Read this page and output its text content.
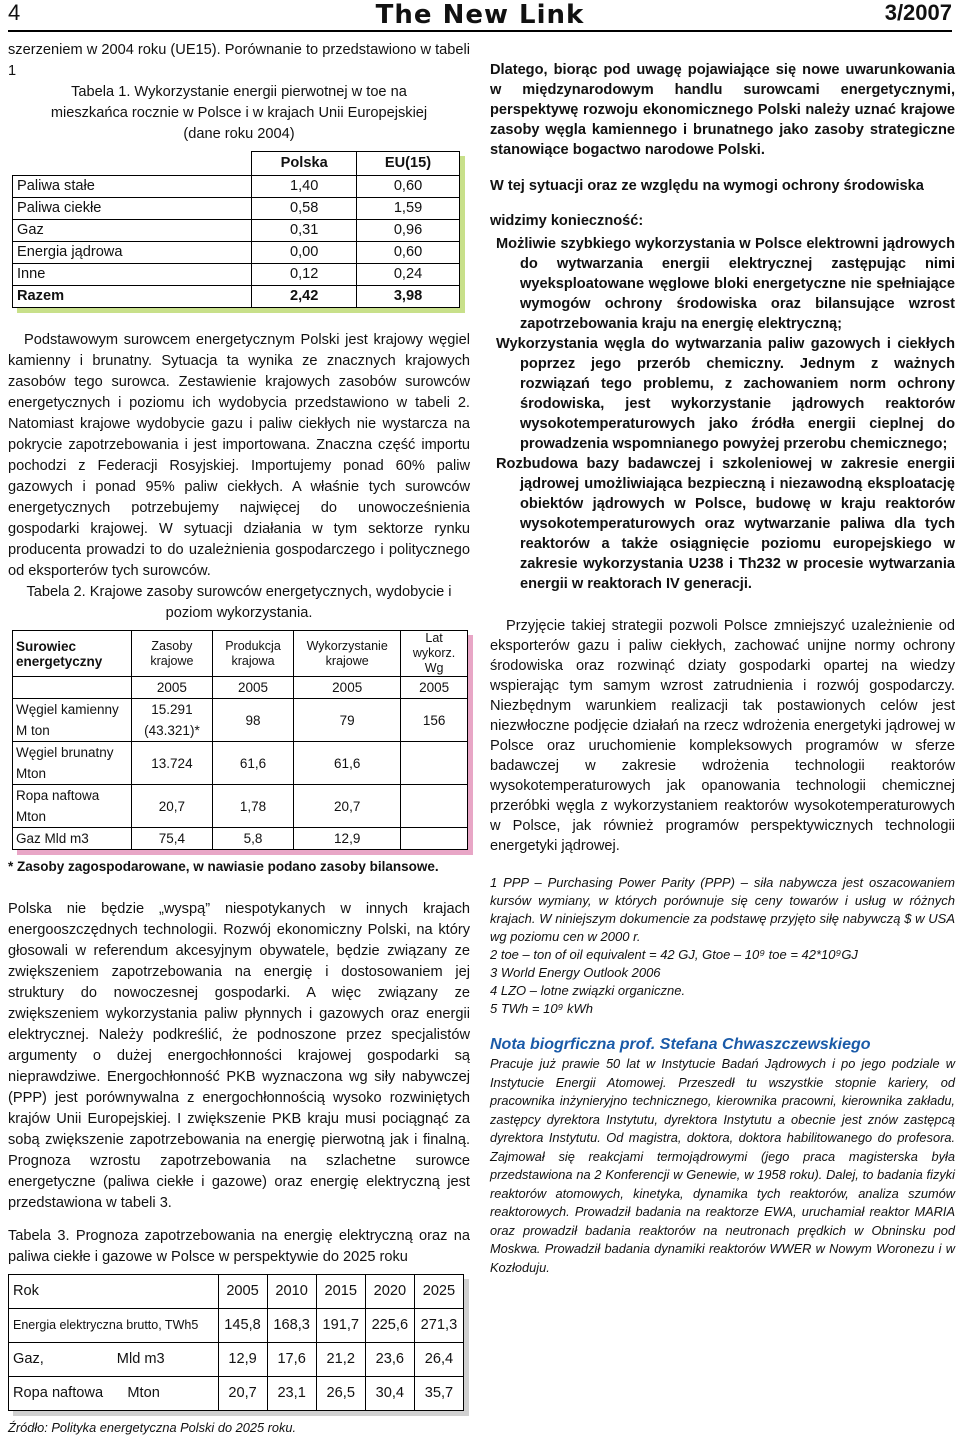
4	The New Link	3/2007

szerzeniem w 2004 roku (UE15). Porównanie to przedstawiono w tabeli 1

Tabela 1. Wykorzystanie energii pierwotnej w toe na mieszkańca rocznie w Polsce i w krajach Unii Europejskiej (dane roku 2004)

	Polska	EU(15)
Paliwa stałe	1,40	0,60
Paliwa ciekłe	0,58	1,59
Gaz	0,31	0,96
Energia jądrowa	0,00	0,60
Inne	0,12	0,24
Razem	2,42	3,98

Podstawowym surowcem energetycznym Polski jest krajowy węgiel kamienny i brunatny. Sytuacja ta wynika ze znacznych krajowych zasobów tego surowca. Zestawienie krajowych zasobów surowców energetycznych i poziomu ich wydobycia przedstawiono w tabeli 2. Natomiast krajowe wydobycie gazu i paliw ciekłych nie wystarcza na pokrycie zapotrzebowania i jest importowana. Znaczna część importu pochodzi z Federacji Rosyjskiej. Importujemy ponad 60% paliw gazowych i ponad 95% paliw ciekłych. A właśnie tych surowców energetycznych potrzebujemy najwięcej do unowocześnienia gospodarki krajowej. W sytuacji działania w tym sektorze rynku producenta prowadzi to do uzależnienia gospodarczego i politycznego od eksporterów tych surowców.

Tabela 2. Krajowe zasoby surowców energetycznych, wydobycie i poziom wykorzystania.

Surowiec energetyczny	Zasoby krajowe	Produkcja krajowa	Wykorzystanie krajowe	Lat wykorz. Wg
	2005	2005	2005	2005
Węgiel kamienny M ton	15.291 (43.321)*	98	79	156
Węgiel brunatny Mton	13.724	61,6	61,6	
Ropa naftowa Mton	20,7	1,78	20,7	
Gaz Mld m3	75,4	5,8	12,9	

* Zasoby zagospodarowane, w nawiasie podano zasoby bilansowe.

Polska nie będzie „wyspą” niespotykanych w innych krajach energooszczędnych technologii. Rozwój ekonomiczny Polski, na który głosowali w referendum akcesyjnym obywatele, będzie związany ze zwiększeniem zapotrzebowania na energię i dostosowaniem jej struktury do nowoczesnej gospodarki. A więc związany ze zwiększeniem wykorzystania paliw płynnych i gazowych oraz energii elektrycznej. Należy podkreślić, że podnoszone przez specjalistów argumenty o dużej energochłonności krajowej gospodarki są nieprawdziwe. Energochłonność PKB wyznaczona wg siły nabywczej (PPP) jest porównywalna z energochłonnością wysoko rozwiniętych krajów Unii Europejskiej. I zwiększenie PKB kraju musi pociągnąć za sobą zwiększenie zapotrzebowania na energię pierwotną jak i finalną. Prognoza wzrostu zapotrzebowania na szlachetne surowce energetyczne (paliwa ciekłe i gazowe) oraz energię elektryczną jest przedstawiona w tabeli 3.

Tabela 3. Prognoza zapotrzebowania na energię elektryczną oraz na paliwa ciekłe i gazowe w Polsce w perspektywie do 2025 roku

Rok	2005	2010	2015	2020	2025
Energia elektryczna brutto, TWh5	145,8	168,3	191,7	225,6	271,3
Gaz,                  Mld m3	12,9	17,6	21,2	23,6	26,4
Ropa naftowa      Mton	20,7	23,1	26,5	30,4	35,7

Źródło: Polityka energetyczna Polski do 2025 roku.

Dlatego, biorąc pod uwagę pojawiające się nowe uwarunkowania w międzynarodowym handlu surowcami energetycznymi, perspektywę rozwoju ekonomicznego Polski należy uznać krajowe zasoby węgla kamiennego i brunatnego jako zasoby strategiczne stanowiące bogactwo narodowe Polski.

W tej sytuacji oraz ze względu na wymogi ochrony środowiska

widzimy konieczność:

Możliwie szybkiego wykorzystania w Polsce elektrowni jądrowych do wytwarzania energii elektrycznej zastępując nimi wyeksploatowane węglowe bloki energetyczne nie spełniające wymogów ochrony środowiska oraz bilansujące wzrost zapotrzebowania kraju na energię elektryczną;

Wykorzystania węgla do wytwarzania paliw gazowych i ciekłych poprzez jego przerób chemiczny. Jednym z ważnych rozwiązań tego problemu, z zachowaniem norm ochrony środowiska, jest wykorzystanie jądrowych reaktorów wysokotemperaturowych jako źródła energii cieplnej do prowadzenia wspomnianego powyżej przerobu chemicznego;

Rozbudowa bazy badawczej i szkoleniowej w zakresie energii jądrowej umożliwiająca bezpieczną i niezawodną eksploatację obiektów jądrowych w Polsce, budowę w kraju reaktorów wysokotemperaturowych oraz wytwarzanie paliwa dla tych reaktorów a także osiągnięcie poziomu europejskiego w zakresie wykorzystania U238 i Th232 w procesie wytwarzania energii w reaktorach IV generacji.

Przyjęcie takiej strategii pozwoli Polsce zmniejszyć uzależnienie od eksporterów gazu i paliw ciekłych, zachować unijne normy ochrony środowiska oraz rozwinąć dziaty gospodarki opartej na wiedzy wspierając tym samym wzrost zatrudnienia i rozwój gospodarczy. Niezbędnym warunkiem realizacji tak postawionych celów jest niezwłoczne podjęcie działań na rzecz wdrożenia energetyki jądrowej w Polsce oraz uruchomienie kompleksowych programów w sferze badawczej w zakresie wdrożenia technologii reaktorów wysokotemperaturowych jak opanowania technologii chemicznej przeróbki węgla z wykorzystaniem reaktorów wysokotemperaturowych w Polsce, jak również programów perspektywicznych technologii energetyki jądrowej.

1 PPP – Purchasing Power Parity (PPP) – siła nabywcza jest oszacowaniem kursów wymiany, w których porównuje się ceny towarów i usług w różnych krajach. W niniejszym dokumencie za podstawę przyjęto siłę nabywczą $ w USA wg poziomu cen w 2000 r.

2 toe – ton of oil equivalent = 42 GJ, Gtoe – 10⁹ toe = 42*10⁹GJ

3 World Energy Outlook 2006

4 LZO – lotne związki organiczne.

5 TWh = 10⁹ kWh

Nota biogrficzna prof. Stefana Chwaszczewskiego

Pracuje już prawie 50 lat w Instytucie Badań Jądrowych i po jego podziale w Instytucie Energii Atomowej. Przeszedł tu wszystkie stopnie kariery, od pracownika inżynieryjno technicznego, kierownika pracowni, kierownika zakładu, zastępcy dyrektora Instytutu, dyrektora Instytutu a obecnie jest znów zastępcą dyrektora Instytutu. Od magistra, doktora, doktora habilitowanego do profesora. Zajmował się reakcjami termojądrowymi (jego praca magisterska była przedstawiona na 2 Konferencji w Genewie, w 1958 roku). Dalej, to badania fizyki reaktorów atomowych, kinetyka, dynamika tych reaktorów, analiza szumów reaktorowych. Prowadził badania na reaktorze EWA, uruchamiał reaktor MARIA oraz prowadził badania reaktorów na neutronach prędkich w Obninsku pod Moskwa. Prowadził badania dynamiki reaktorów WWER w Nowym Woronezu i w Kozłoduju.
